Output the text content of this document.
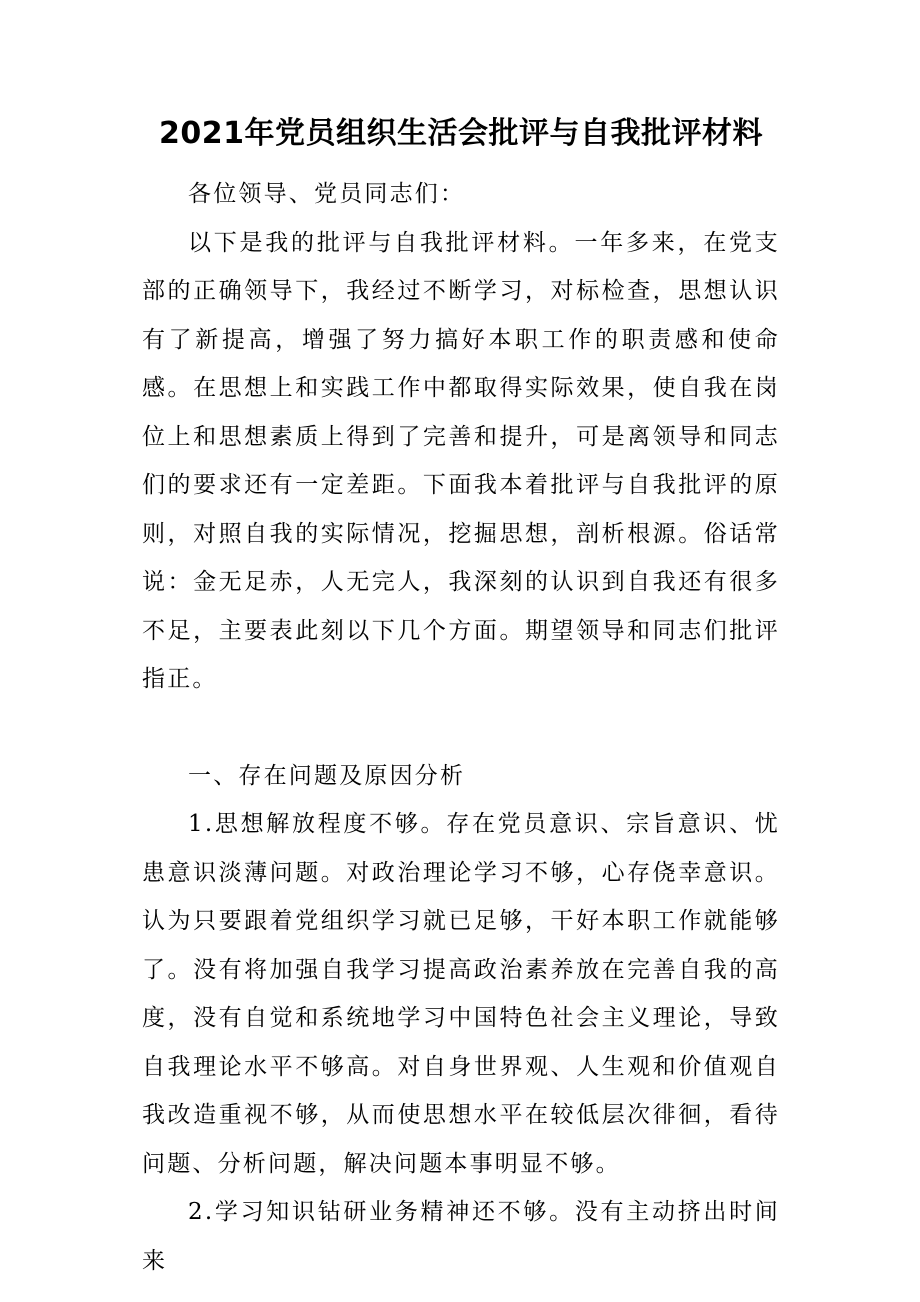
2021年党员组织生活会批评与自我批评材料

各位领导、党员同志们：

以下是我的批评与自我批评材料。一年多来，在党支部的正确领导下，我经过不断学习，对标检查，思想认识有了新提高，增强了努力搞好本职工作的职责感和使命感。在思想上和实践工作中都取得实际效果，使自我在岗位上和思想素质上得到了完善和提升，可是离领导和同志们的要求还有一定差距。下面我本着批评与自我批评的原则，对照自我的实际情况，挖掘思想，剖析根源。俗话常说：金无足赤，人无完人，我深刻的认识到自我还有很多不足，主要表此刻以下几个方面。期望领导和同志们批评指正。

一、存在问题及原因分析

1.思想解放程度不够。存在党员意识、宗旨意识、忧患意识淡薄问题。对政治理论学习不够，心存侥幸意识。认为只要跟着党组织学习就已足够，干好本职工作就能够了。没有将加强自我学习提高政治素养放在完善自我的高度，没有自觉和系统地学习中国特色社会主义理论，导致自我理论水平不够高。对自身世界观、人生观和价值观自我改造重视不够，从而使思想水平在较低层次徘徊，看待问题、分析问题，解决问题本事明显不够。

2.学习知识钻研业务精神还不够。没有主动挤出时间来
